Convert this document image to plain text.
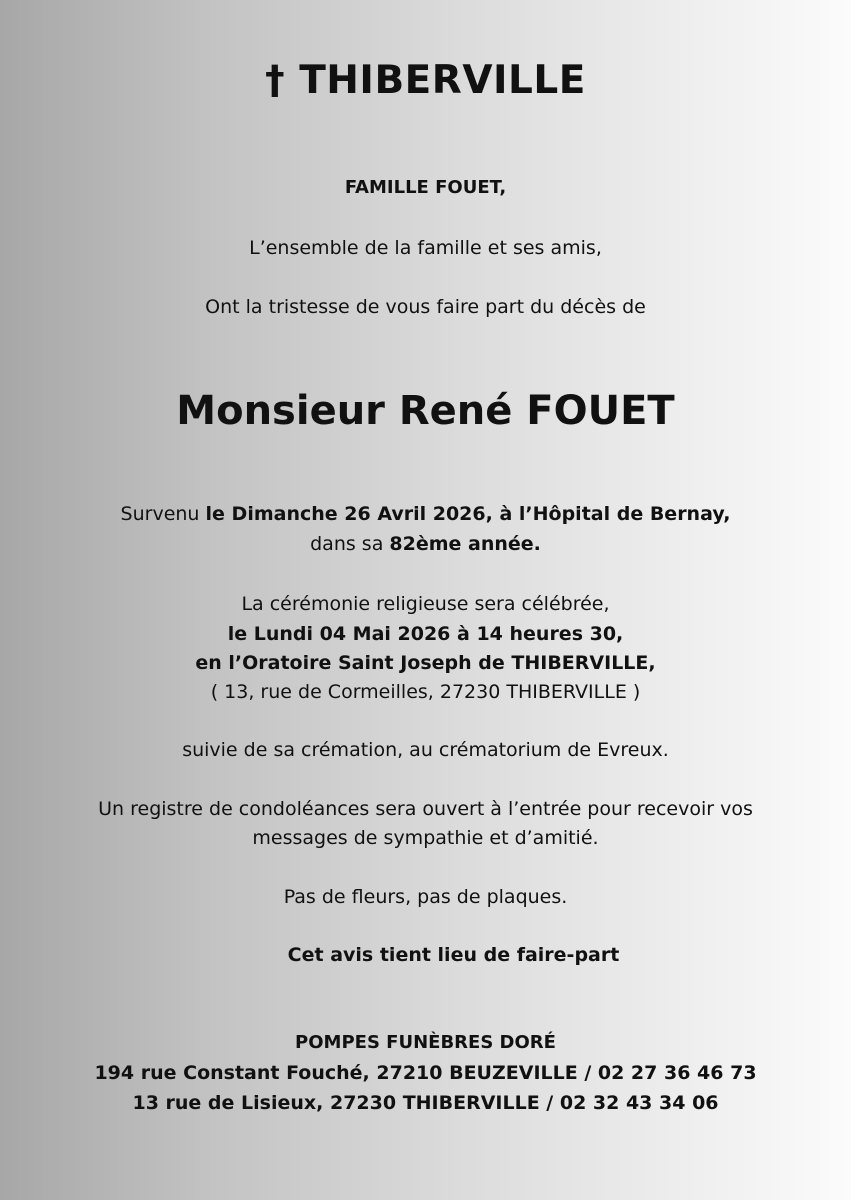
† THIBERVILLE
FAMILLE FOUET,
L’ensemble de la famille et ses amis,
Ont la tristesse de vous faire part du décès de
Monsieur René FOUET
Survenu le Dimanche 26 Avril 2026, à l’Hôpital de Bernay,
dans sa 82ème année.
La cérémonie religieuse sera célébrée,
le Lundi 04 Mai 2026 à 14 heures 30,
en l’Oratoire Saint Joseph de THIBERVILLE,
( 13, rue de Cormeilles, 27230 THIBERVILLE )
suivie de sa crémation, au crématorium de Evreux.
Un registre de condoléances sera ouvert à l’entrée pour recevoir vos
messages de sympathie et d’amitié.
Pas de fleurs, pas de plaques.
Cet avis tient lieu de faire-part
POMPES FUNÈBRES DORÉ
194 rue Constant Fouché, 27210 BEUZEVILLE / 02 27 36 46 73
13 rue de Lisieux, 27230 THIBERVILLE / 02 32 43 34 06
